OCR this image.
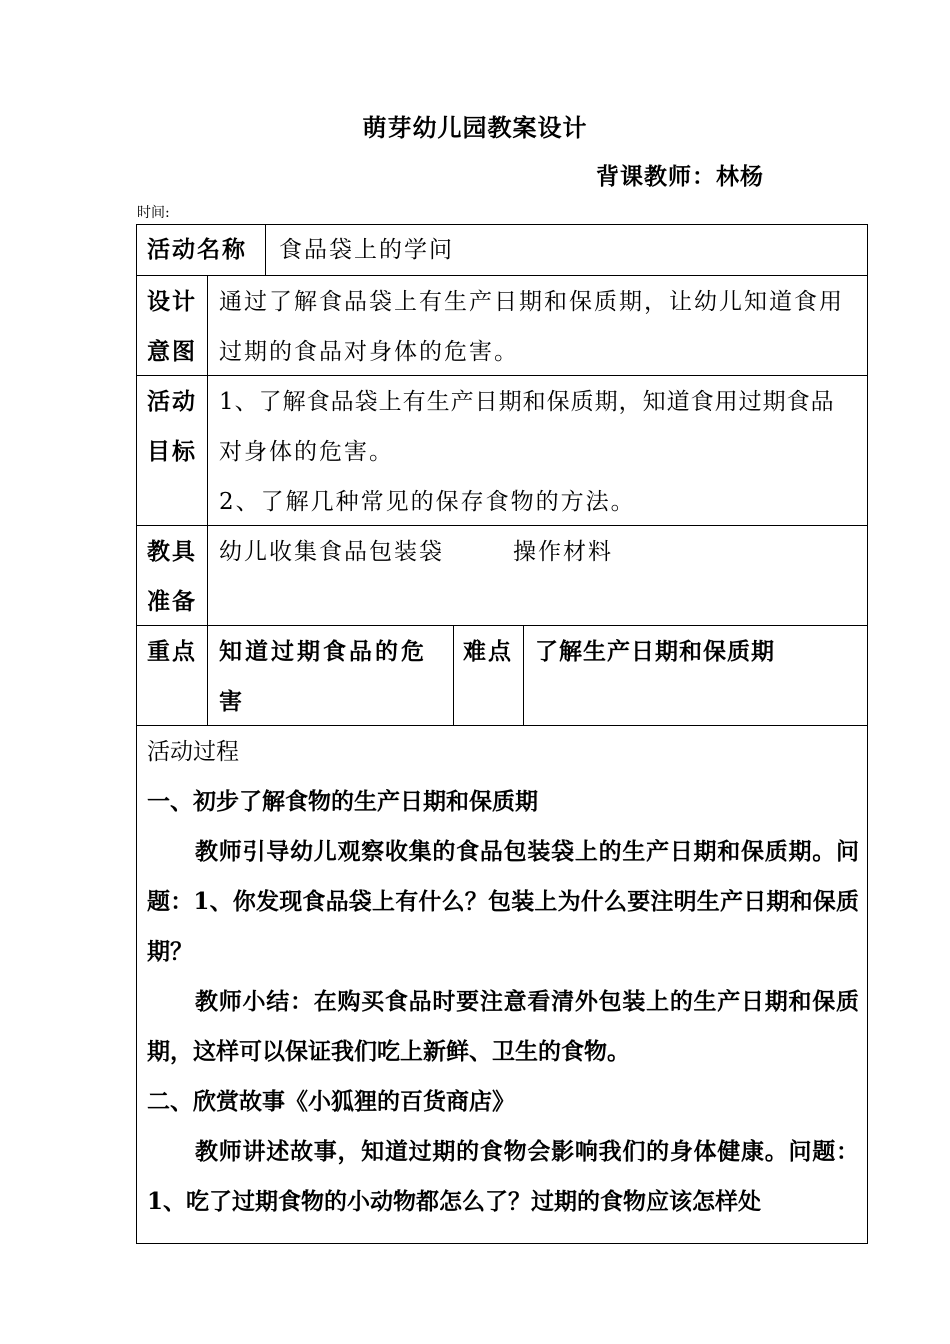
萌芽幼儿园教案设计
背课教师：林杨
时间:
活动名称 食品袋上的学问
设计
意图
通过了解食品袋上有生产日期和保质期，让幼儿知道食用
过期的食品对身体的危害。
活动
目标
1、了解食品袋上有生产日期和保质期，知道食用过期食品
对身体的危害。
2、了解几种常见的保存食物的方法。
教具
准备
幼儿收集食品包装袋	操作材料
重点 知道过期食品的危
害
难点 了解生产日期和保质期

活动过程

一、初步了解食物的生产日期和保质期

教师引导幼儿观察收集的食品包装袋上的生产日期和保质期。问题：1、你发现食品袋上有什么？包装上为什么要注明生产日期和保质期？

教师小结：在购买食品时要注意看清外包装上的生产日期和保质期，这样可以保证我们吃上新鲜、卫生的食物。

二、欣赏故事《小狐狸的百货商店》

教师讲述故事，知道过期的食物会影响我们的身体健康。问题：1、吃了过期食物的小动物都怎么了？过期的食物应该怎样处
